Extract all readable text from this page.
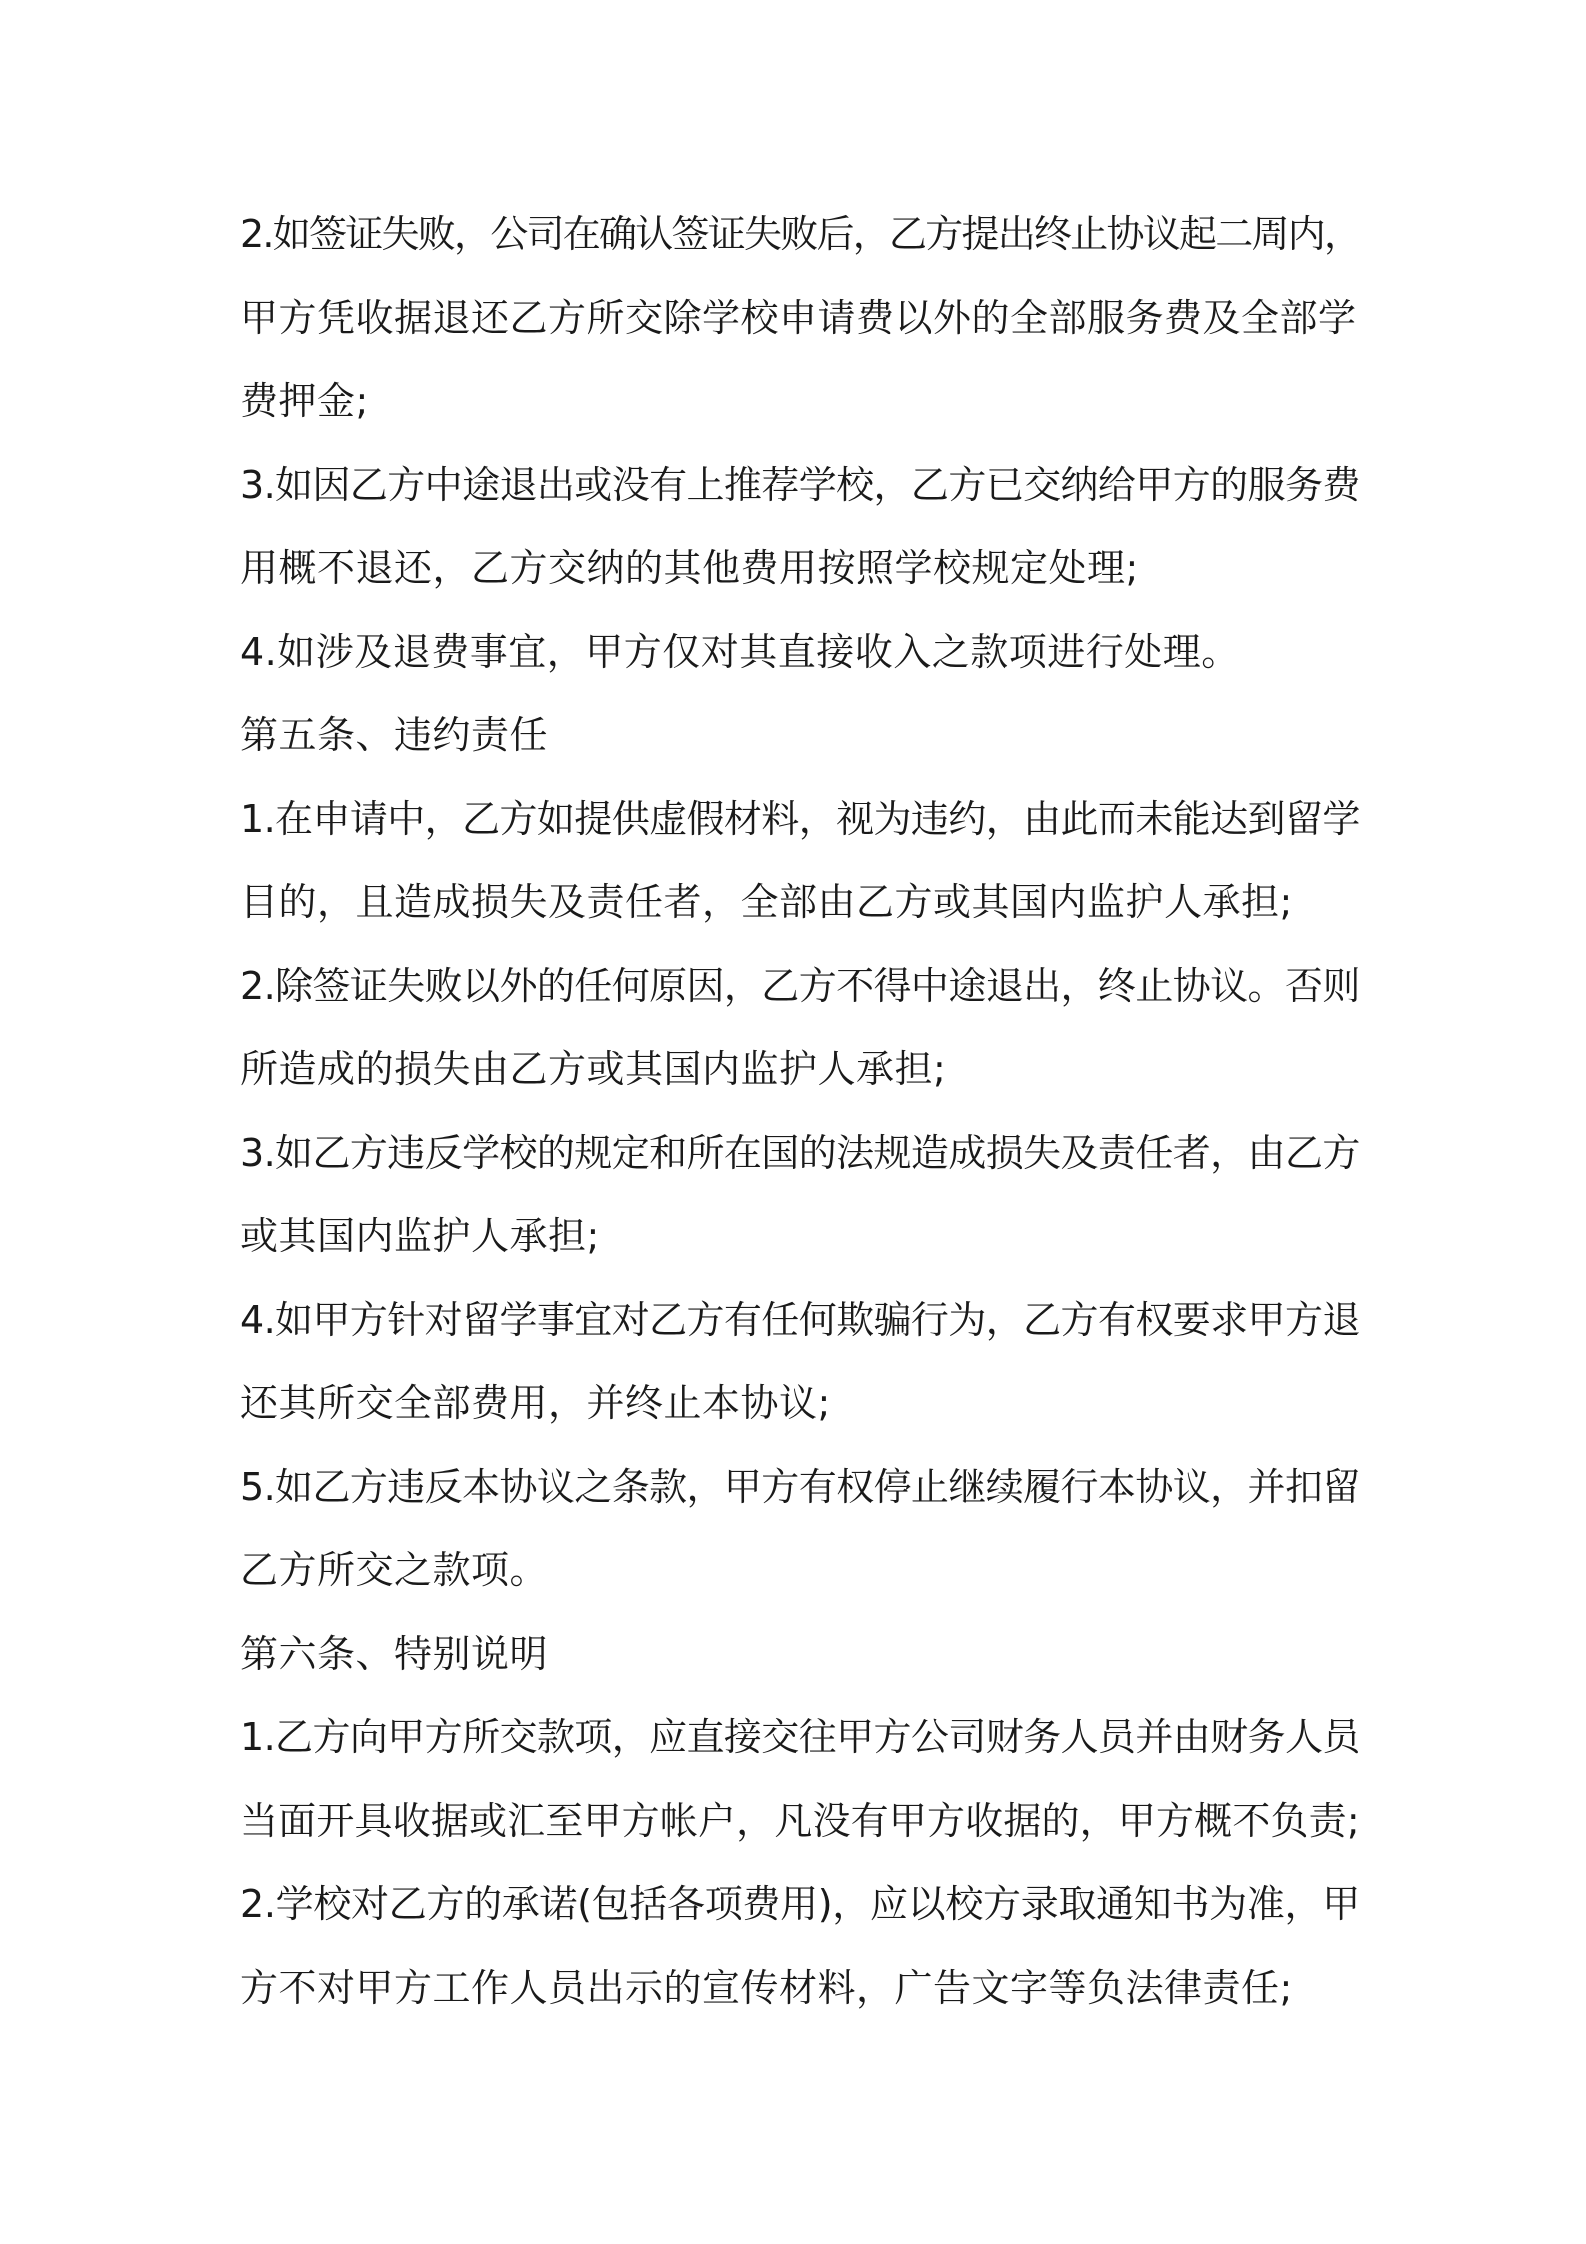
2.如签证失败，公司在确认签证失败后，乙方提出终止协议起二周内，
甲方凭收据退还乙方所交除学校申请费以外的全部服务费及全部学
费押金;
3.如因乙方中途退出或没有上推荐学校，乙方已交纳给甲方的服务费
用概不退还，乙方交纳的其他费用按照学校规定处理;
4.如涉及退费事宜，甲方仅对其直接收入之款项进行处理。
第五条、违约责任
1.在申请中，乙方如提供虚假材料，视为违约，由此而未能达到留学
目的，且造成损失及责任者，全部由乙方或其国内监护人承担;
2.除签证失败以外的任何原因，乙方不得中途退出，终止协议。否则
所造成的损失由乙方或其国内监护人承担;
3.如乙方违反学校的规定和所在国的法规造成损失及责任者，由乙方
或其国内监护人承担;
4.如甲方针对留学事宜对乙方有任何欺骗行为，乙方有权要求甲方退
还其所交全部费用，并终止本协议;
5.如乙方违反本协议之条款，甲方有权停止继续履行本协议，并扣留
乙方所交之款项。
第六条、特别说明
1.乙方向甲方所交款项，应直接交往甲方公司财务人员并由财务人员
当面开具收据或汇至甲方帐户，凡没有甲方收据的，甲方概不负责;
2.学校对乙方的承诺(包括各项费用)，应以校方录取通知书为准，甲
方不对甲方工作人员出示的宣传材料，广告文字等负法律责任;
